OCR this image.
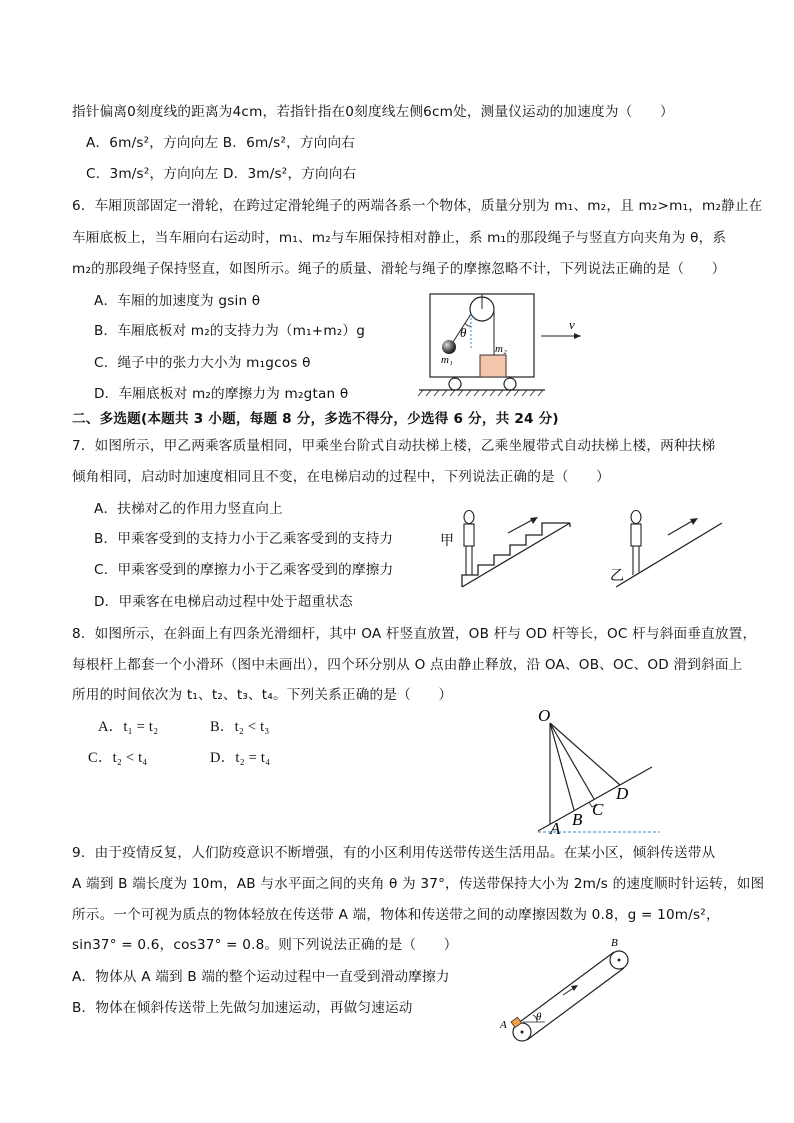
指针偏离0刻度线的距离为4cm，若指针指在0刻度线左侧6cm处，测量仪运动的加速度为（　　）
A．6m/s²，方向向左 B．6m/s²，方向向右
C．3m/s²，方向向左 D．3m/s²，方向向右
6．车厢顶部固定一滑轮，在跨过定滑轮绳子的两端各系一个物体，质量分别为 m₁、m₂，且 m₂>m₁，m₂静止在
车厢底板上，当车厢向右运动时，m₁、m₂与车厢保持相对静止，系 m₁的那段绳子与竖直方向夹角为 θ，系
m₂的那段绳子保持竖直，如图所示。绳子的质量、滑轮与绳子的摩擦忽略不计，下列说法正确的是（　　）
A．车厢的加速度为 gsin θ
B．车厢底板对 m₂的支持力为（m₁+m₂）g
C．绳子中的张力大小为 m₁gcos θ
D．车厢底板对 m₂的摩擦力为 m₂gtan θ
θ
m₁
m₂
v
二、多选题(本题共 3 小题，每题 8 分，多选不得分，少选得 6 分，共 24 分)
7．如图所示，甲乙两乘客质量相同，甲乘坐台阶式自动扶梯上楼，乙乘坐履带式自动扶梯上楼，两种扶梯
倾角相同，启动时加速度相同且不变，在电梯启动的过程中，下列说法正确的是（　　）
A．扶梯对乙的作用力竖直向上
B．甲乘客受到的支持力小于乙乘客受到的支持力
C．甲乘客受到的摩擦力小于乙乘客受到的摩擦力
D．甲乘客在电梯启动过程中处于超重状态
甲
乙
8．如图所示，在斜面上有四条光滑细杆，其中 OA 杆竖直放置，OB 杆与 OD 杆等长，OC 杆与斜面垂直放置，
每根杆上都套一个小滑环（图中未画出），四个环分别从 O 点由静止释放，沿 OA、OB、OC、OD 滑到斜面上
所用的时间依次为 t₁、t₂、t₃、t₄。下列关系正确的是（　　）
A．t₁ = t₂	B．t₂ < t₃
C．t₂ < t₄	D．t₂ = t₄
O
A B
C
D
9．由于疫情反复，人们防疫意识不断增强，有的小区利用传送带传送生活用品。在某小区，倾斜传送带从
A 端到 B 端长度为 10m，AB 与水平面之间的夹角 θ 为 37°，传送带保持大小为 2m/s 的速度顺时针运转，如图
所示。一个可视为质点的物体轻放在传送带 A 端，物体和传送带之间的动摩擦因数为 0.8，g = 10m/s²，
sin37° = 0.6，cos37° = 0.8。则下列说法正确的是（　　）
A．物体从 A 端到 B 端的整个运动过程中一直受到滑动摩擦力
B．物体在倾斜传送带上先做匀加速运动，再做匀速运动
θ
A
B
